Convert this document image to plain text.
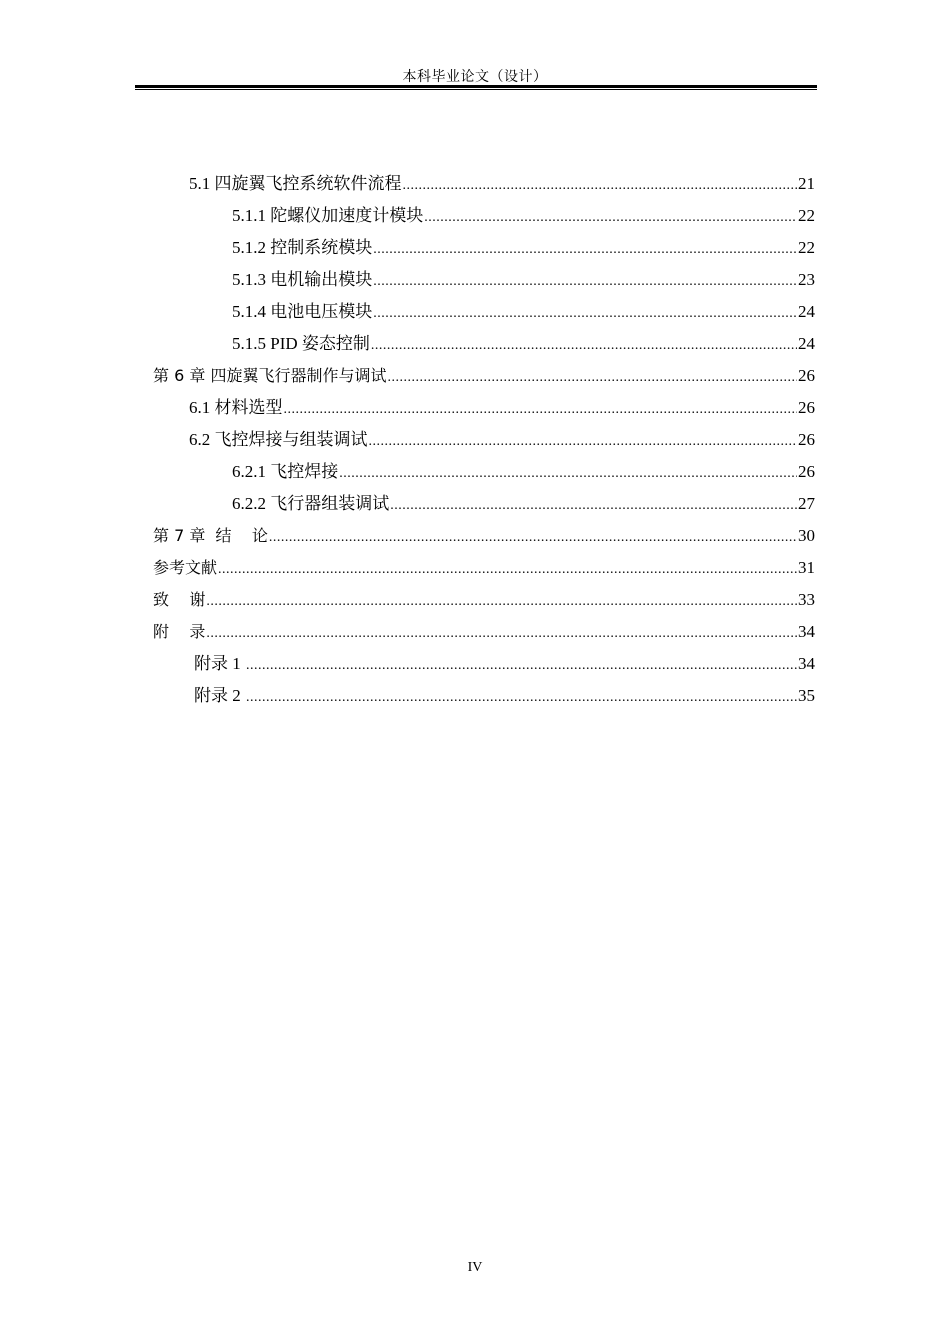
本科毕业论文（设计）
5.1 四旋翼飞控系统软件流程 .....	21
5.1.1 陀螺仪加速度计模块 .....	22
5.1.2 控制系统模块 .....	22
5.1.3 电机输出模块 .....	23
5.1.4 电池电压模块 .....	24
5.1.5 PID 姿态控制 .....	24
第 6 章 四旋翼飞行器制作与调试 .....	26
6.1 材料选型 .....	26
6.2 飞控焊接与组装调试 .....	26
6.2.1 飞控焊接 .....	26
6.2.2 飞行器组装调试 .....	27
第 7 章  结    论 .....	30
参考文献 .....	31
致    谢 .....	33
附    录 .....	34
附录 1 .....	34
附录 2 .....	35
IV
